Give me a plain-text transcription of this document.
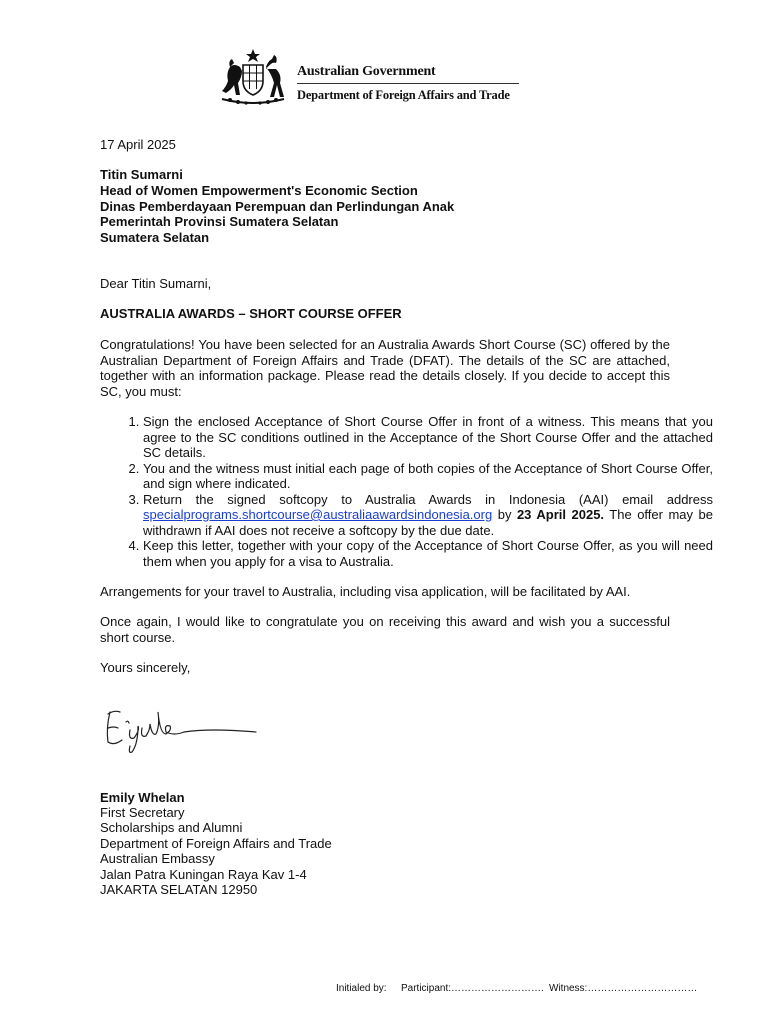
Australian Government
Department of Foreign Affairs and Trade
17 April 2025
Titin Sumarni
Head of Women Empowerment's Economic Section
Dinas Pemberdayaan Perempuan dan Perlindungan Anak
Pemerintah Provinsi Sumatera Selatan
Sumatera Selatan
Dear Titin Sumarni,
AUSTRALIA AWARDS – SHORT COURSE OFFER
Congratulations! You have been selected for an Australia Awards Short Course (SC) offered by the Australian Department of Foreign Affairs and Trade (DFAT). The details of the SC are attached, together with an information package. Please read the details closely. If you decide to accept this SC, you must:
1. Sign the enclosed Acceptance of Short Course Offer in front of a witness. This means that you agree to the SC conditions outlined in the Acceptance of the Short Course Offer and the attached SC details.
2. You and the witness must initial each page of both copies of the Acceptance of Short Course Offer, and sign where indicated.
3. Return the signed softcopy to Australia Awards in Indonesia (AAI) email address specialprograms.shortcourse@australiaawardsindonesia.org by 23 April 2025. The offer may be withdrawn if AAI does not receive a softcopy by the due date.
4. Keep this letter, together with your copy of the Acceptance of Short Course Offer, as you will need them when you apply for a visa to Australia.
Arrangements for your travel to Australia, including visa application, will be facilitated by AAI.
Once again, I would like to congratulate you on receiving this award and wish you a successful short course.
Yours sincerely,
Emily Whelan
First Secretary
Scholarships and Alumni
Department of Foreign Affairs and Trade
Australian Embassy
Jalan Patra Kuningan Raya Kav 1-4
JAKARTA SELATAN 12950
Initialed by: Participant:………………………. Witness:……………………………
